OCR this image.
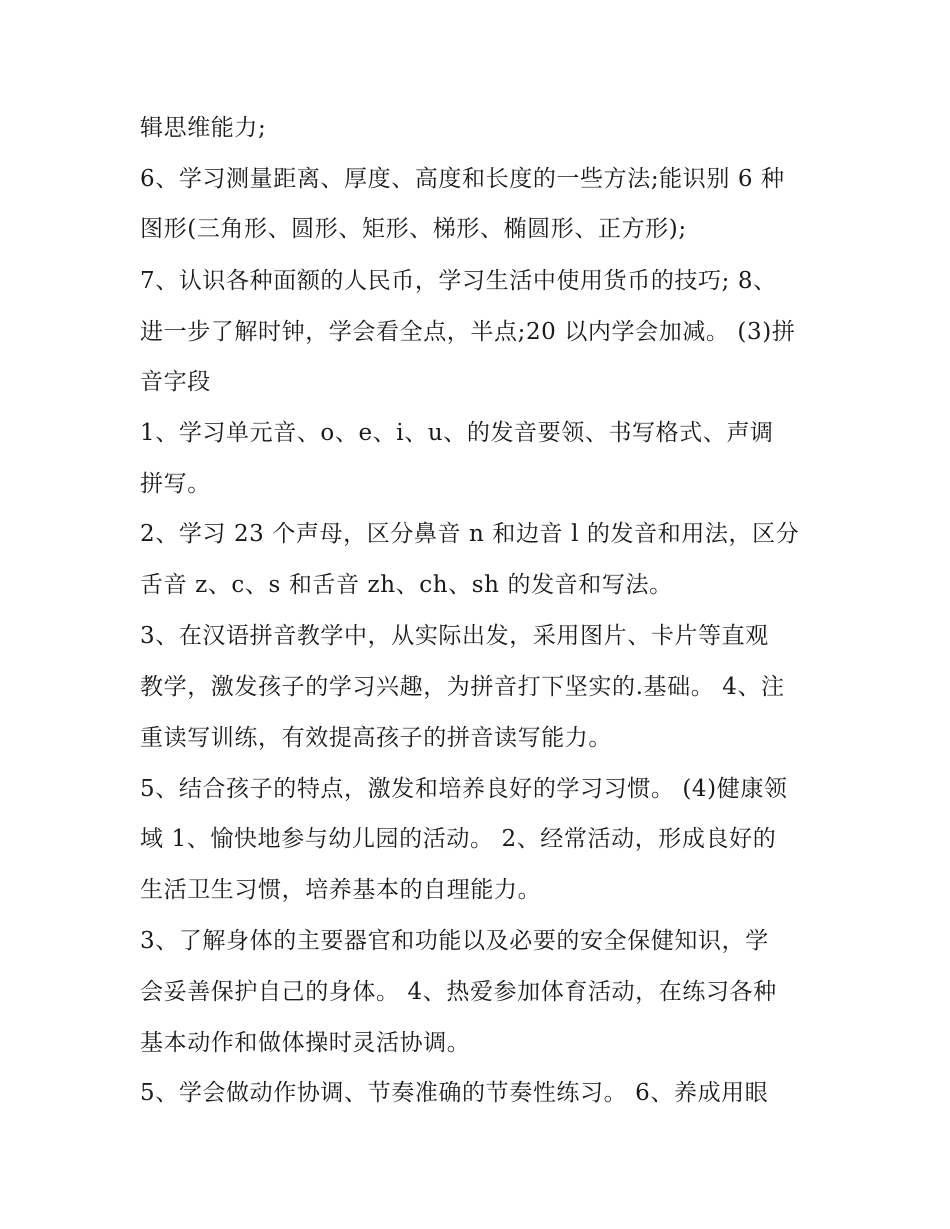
辑思维能力;

6、学习测量距离、厚度、高度和长度的一些方法;能识别 6 种

图形(三角形、圆形、矩形、梯形、椭圆形、正方形);

7、认识各种面额的人民币，学习生活中使用货币的技巧; 8、

进一步了解时钟，学会看全点，半点;20 以内学会加减。 (3)拼

音字段

1、学习单元音、o、e、i、u、的发音要领、书写格式、声调

拼写。

2、学习 23 个声母，区分鼻音 n 和边音 l 的发音和用法，区分

舌音 z、c、s 和舌音 zh、ch、sh 的发音和写法。

3、在汉语拼音教学中，从实际出发，采用图片、卡片等直观

教学，激发孩子的学习兴趣，为拼音打下坚实的.基础。 4、注

重读写训练，有效提高孩子的拼音读写能力。

5、结合孩子的特点，激发和培养良好的学习习惯。 (4)健康领

域 1、愉快地参与幼儿园的活动。 2、经常活动，形成良好的

生活卫生习惯，培养基本的自理能力。

3、了解身体的主要器官和功能以及必要的安全保健知识，学

会妥善保护自己的身体。 4、热爱参加体育活动，在练习各种

基本动作和做体操时灵活协调。

5、学会做动作协调、节奏准确的节奏性练习。 6、养成用眼
